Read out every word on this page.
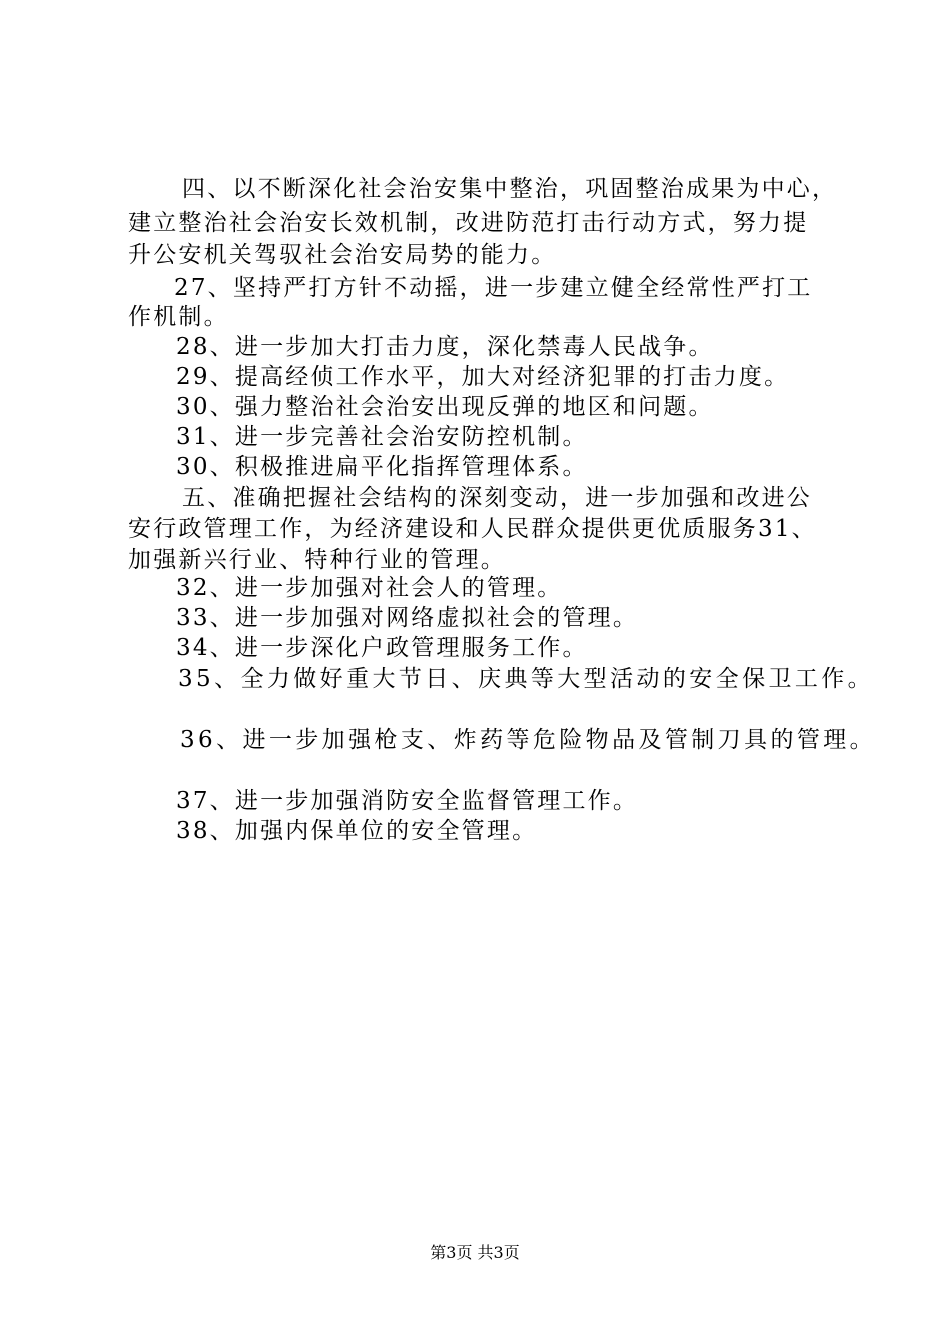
四、以不断深化社会治安集中整治，巩固整治成果为中心，
建立整治社会治安长效机制，改进防范打击行动方式，努力提
升公安机关驾驭社会治安局势的能力。
27、坚持严打方针不动摇，进一步建立健全经常性严打工
作机制。
28、进一步加大打击力度，深化禁毒人民战争。
29、提高经侦工作水平，加大对经济犯罪的打击力度。
30、强力整治社会治安出现反弹的地区和问题。
31、进一步完善社会治安防控机制。
30、积极推进扁平化指挥管理体系。
五、准确把握社会结构的深刻变动，进一步加强和改进公
安行政管理工作，为经济建设和人民群众提供更优质服务31、
加强新兴行业、特种行业的管理。
32、进一步加强对社会人的管理。
33、进一步加强对网络虚拟社会的管理。
34、进一步深化户政管理服务工作。
35、全力做好重大节日、庆典等大型活动的安全保卫工作。
36、进一步加强枪支、炸药等危险物品及管制刀具的管理。
37、进一步加强消防安全监督管理工作。
38、加强内保单位的安全管理。
第3页 共3页
